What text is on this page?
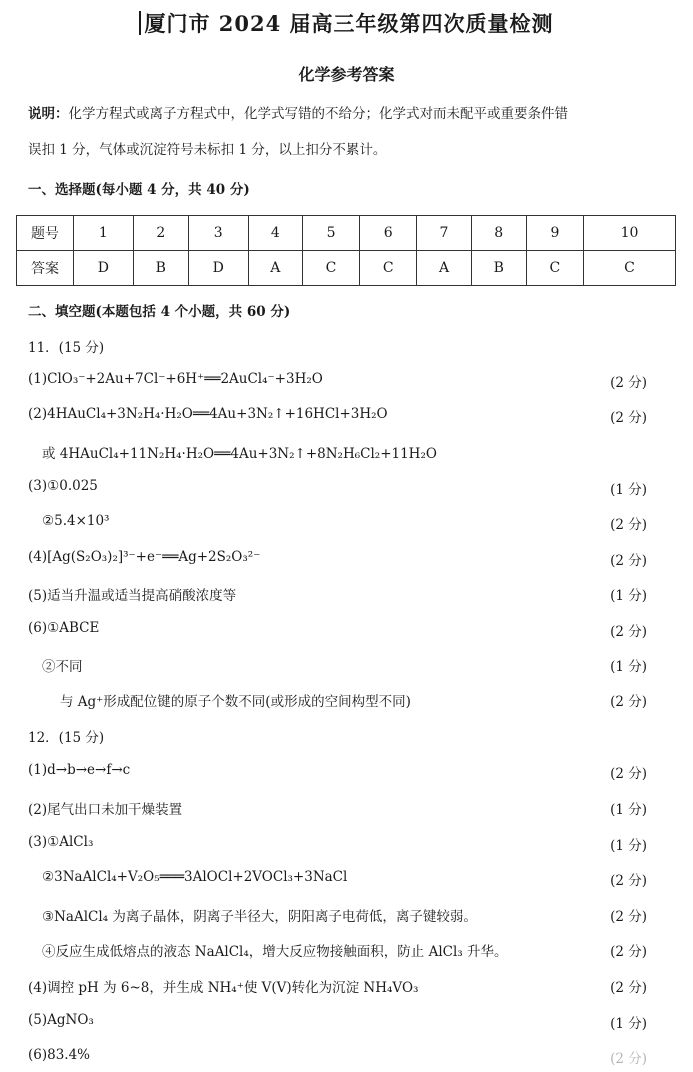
厦门市 2024 届高三年级第四次质量检测
化学参考答案
说明：化学方程式或离子方程式中，化学式写错的不给分；化学式对而未配平或重要条件错
误扣 1 分，气体或沉淀符号未标扣 1 分，以上扣分不累计。
一、选择题(每小题 4 分，共 40 分)
题号	1	2	3	4	5	6	7	8	9	10
答案	D	B	D	A	C	C	A	B	C	C
二、填空题(本题包括 4 个小题，共 60 分)
11．(15 分)
(1)ClO₃⁻+2Au+7Cl⁻+6H⁺══2AuCl₄⁻+3H₂O	(2 分)
(2)4HAuCl₄+3N₂H₄·H₂O══4Au+3N₂↑+16HCl+3H₂O	(2 分)
或 4HAuCl₄+11N₂H₄·H₂O══4Au+3N₂↑+8N₂H₆Cl₂+11H₂O
(3)①0.025	(1 分)
②5.4×10³	(2 分)
(4)[Ag(S₂O₃)₂]³⁻+e⁻══Ag+2S₂O₃²⁻	(2 分)
(5)适当升温或适当提高硝酸浓度等	(1 分)
(6)①ABCE	(2 分)
②不同	(1 分)
与 Ag⁺形成配位键的原子个数不同(或形成的空间构型不同)	(2 分)
12．(15 分)
(1)d→b→e→f→c	(2 分)
(2)尾气出口未加干燥装置	(1 分)
(3)①AlCl₃	(1 分)
②3NaAlCl₄+V₂O₅═══3AlOCl+2VOCl₃+3NaCl	(2 分)
③NaAlCl₄ 为离子晶体，阴离子半径大，阴阳离子电荷低，离子键较弱。	(2 分)
④反应生成低熔点的液态 NaAlCl₄，增大反应物接触面积，防止 AlCl₃ 升华。	(2 分)
(4)调控 pH 为 6~8，并生成 NH₄⁺使 V(V)转化为沉淀 NH₄VO₃	(2 分)
(5)AgNO₃	(1 分)
(6)83.4%	(2 分)
